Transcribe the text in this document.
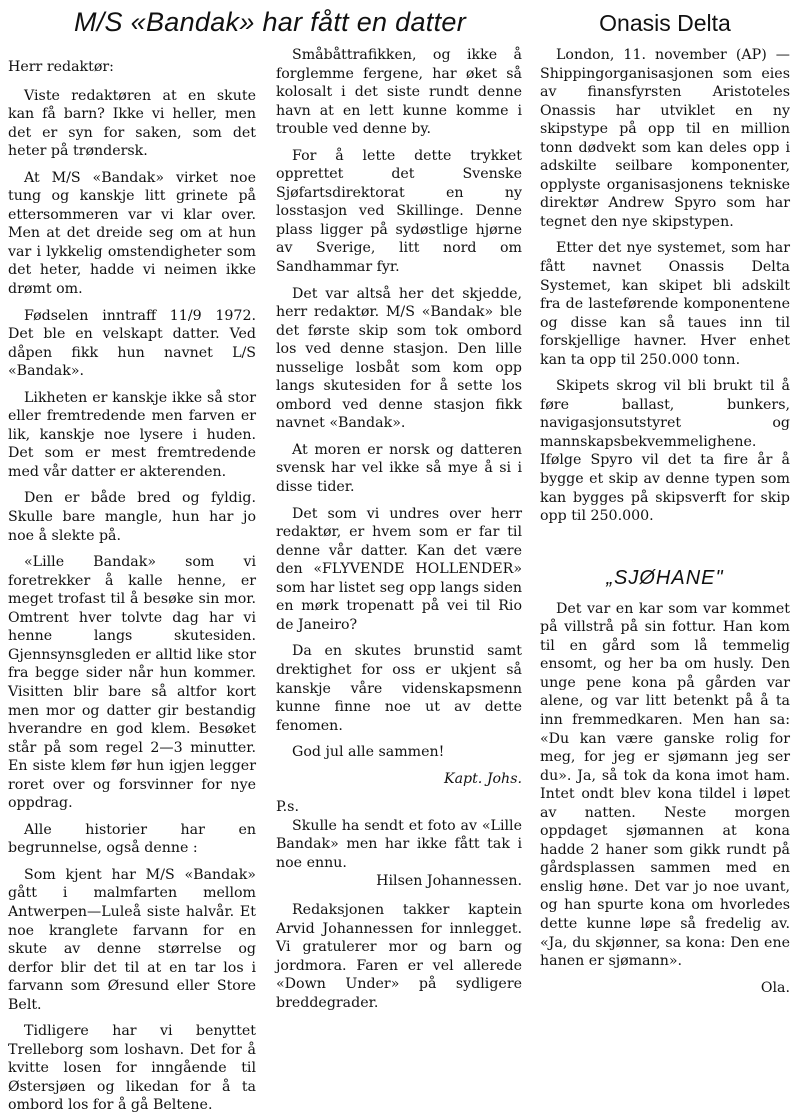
M/S «Bandak» har fått en datter	Onasis Delta

Herr redaktør:

Viste redaktøren at en skute kan få barn? Ikke vi heller, men det er syn for saken, som det heter på trøndersk.

At M/S «Bandak» virket noe tung og kanskje litt grinete på ettersommeren var vi klar over. Men at det dreide seg om at hun var i lykkelig omstendigheter som det heter, hadde vi neimen ikke drømt om.

Fødselen inntraff 11/9 1972. Det ble en velskapt datter. Ved dåpen fikk hun navnet L/S «Bandak».

Likheten er kanskje ikke så stor eller fremtredende men farven er lik, kanskje noe lysere i huden. Det som er mest fremtredende med vår datter er akterenden.

Den er både bred og fyldig. Skulle bare mangle, hun har jo noe å slekte på.

«Lille Bandak» som vi foretrekker å kalle henne, er meget trofast til å besøke sin mor. Omtrent hver tolvte dag har vi henne langs skutesiden. Gjennsynsgleden er alltid like stor fra begge sider når hun kommer. Visitten blir bare så altfor kort men mor og datter gir bestandig hverandre en god klem. Besøket står på som regel 2—3 minutter. En siste klem før hun igjen legger roret over og forsvinner for nye oppdrag.

Alle historier har en begrunnelse, også denne :

Som kjent har M/S «Bandak» gått i malmfarten mellom Antwerpen—Luleå siste halvår. Et noe kranglete farvann for en skute av denne størrelse og derfor blir det til at en tar los i farvann som Øresund eller Store Belt.

Tidligere har vi benyttet Trelleborg som loshavn. Det for å kvitte losen for inngående til Østersjøen og likedan for å ta ombord los for å gå Beltene.

Småbåttrafikken, og ikke å forglemme fergene, har øket så kolosalt i det siste rundt denne havn at en lett kunne komme i trouble ved denne by.

For å lette dette trykket opprettet det Svenske Sjøfartsdirektorat en ny losstasjon ved Skillinge. Denne plass ligger på sydøstlige hjørne av Sverige, litt nord om Sandhammar fyr.

Det var altså her det skjedde, herr redaktør. M/S «Bandak» ble det første skip som tok ombord los ved denne stasjon. Den lille nusselige losbåt som kom opp langs skutesiden for å sette los ombord ved denne stasjon fikk navnet «Bandak».

At moren er norsk og datteren svensk har vel ikke så mye å si i disse tider.

Det som vi undres over herr redaktør, er hvem som er far til denne vår datter. Kan det være den «FLYVENDE HOLLENDER» som har listet seg opp langs siden en mørk tropenatt på vei til Rio de Janeiro?

Da en skutes brunstid samt drektighet for oss er ukjent så kanskje våre videnskapsmenn kunne finne noe ut av dette fenomen.

God jul alle sammen!

Kapt. Johs.

P.s.

Skulle ha sendt et foto av «Lille Bandak» men har ikke fått tak i noe ennu.

Hilsen Johannessen.

Redaksjonen takker kaptein Arvid Johannessen for innlegget. Vi gratulerer mor og barn og jordmora. Faren er vel allerede «Down Under» på sydligere breddegrader.

London, 11. november (AP) — Shippingorganisasjonen som eies av finansfyrsten Aristoteles Onassis har utviklet en ny skipstype på opp til en million tonn dødvekt som kan deles opp i adskilte seilbare komponenter, opplyste organisasjonens tekniske direktør Andrew Spyro som har tegnet den nye skipstypen.

Etter det nye systemet, som har fått navnet Onassis Delta Systemet, kan skipet bli adskilt fra de lasteførende komponentene og disse kan så taues inn til forskjellige havner. Hver enhet kan ta opp til 250.000 tonn.

Skipets skrog vil bli brukt til å føre ballast, bunkers, navigasjonsutstyret og mannskapsbekvemmelighene. Ifølge Spyro vil det ta fire år å bygge et skip av denne typen som kan bygges på skipsverft for skip opp til 250.000.

„SJØHANE"

Det var en kar som var kommet på villstrå på sin fottur. Han kom til en gård som lå temmelig ensomt, og her ba om husly. Den unge pene kona på gården var alene, og var litt betenkt på å ta inn fremmedkaren. Men han sa: «Du kan være ganske rolig for meg, for jeg er sjømann jeg ser du». Ja, så tok da kona imot ham. Intet ondt blev kona tildel i løpet av natten. Neste morgen oppdaget sjømannen at kona hadde 2 haner som gikk rundt på gårdsplassen sammen med en enslig høne. Det var jo noe uvant, og han spurte kona om hvorledes dette kunne løpe så fredelig av. «Ja, du skjønner, sa kona: Den ene hanen er sjømann».

Ola.
